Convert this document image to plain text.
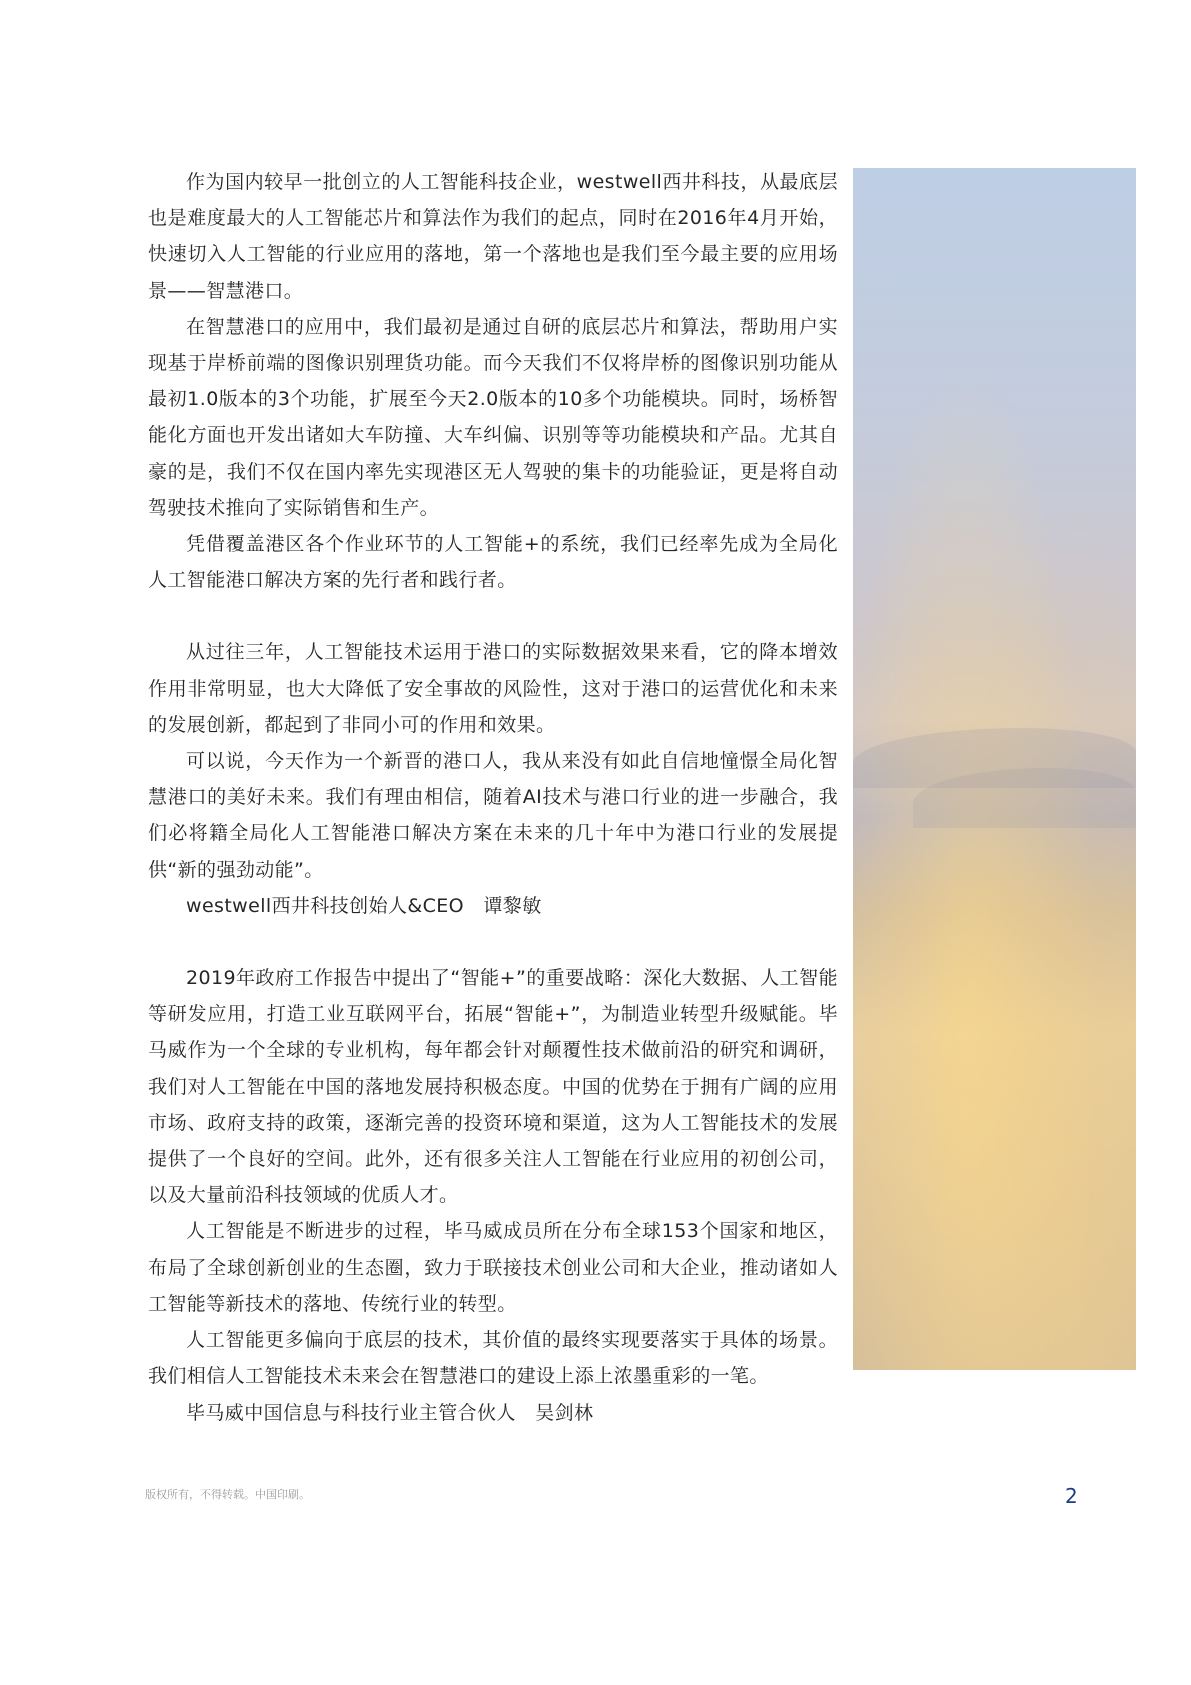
作为国内较早一批创立的人工智能科技企业，westwell西井科技，从最底层也是难度最大的人工智能芯片和算法作为我们的起点，同时在2016年4月开始，快速切入人工智能的行业应用的落地，第一个落地也是我们至今最主要的应用场景——智慧港口。

在智慧港口的应用中，我们最初是通过自研的底层芯片和算法，帮助用户实现基于岸桥前端的图像识别理货功能。而今天我们不仅将岸桥的图像识别功能从最初1.0版本的3个功能，扩展至今天2.0版本的10多个功能模块。同时，场桥智能化方面也开发出诸如大车防撞、大车纠偏、识别等等功能模块和产品。尤其自豪的是，我们不仅在国内率先实现港区无人驾驶的集卡的功能验证，更是将自动驾驶技术推向了实际销售和生产。

凭借覆盖港区各个作业环节的人工智能+的系统，我们已经率先成为全局化人工智能港口解决方案的先行者和践行者。

从过往三年，人工智能技术运用于港口的实际数据效果来看，它的降本增效作用非常明显，也大大降低了安全事故的风险性，这对于港口的运营优化和未来的发展创新，都起到了非同小可的作用和效果。

可以说，今天作为一个新晋的港口人，我从来没有如此自信地憧憬全局化智慧港口的美好未来。我们有理由相信，随着AI技术与港口行业的进一步融合，我们必将籍全局化人工智能港口解决方案在未来的几十年中为港口行业的发展提供“新的强劲动能”。

westwell西井科技创始人&CEO　谭黎敏

2019年政府工作报告中提出了“智能+”的重要战略：深化大数据、人工智能等研发应用，打造工业互联网平台，拓展“智能+”，为制造业转型升级赋能。毕马威作为一个全球的专业机构，每年都会针对颠覆性技术做前沿的研究和调研，我们对人工智能在中国的落地发展持积极态度。中国的优势在于拥有广阔的应用市场、政府支持的政策，逐渐完善的投资环境和渠道，这为人工智能技术的发展提供了一个良好的空间。此外，还有很多关注人工智能在行业应用的初创公司，以及大量前沿科技领域的优质人才。

人工智能是不断进步的过程，毕马威成员所在分布全球153个国家和地区，布局了全球创新创业的生态圈，致力于联接技术创业公司和大企业，推动诸如人工智能等新技术的落地、传统行业的转型。

人工智能更多偏向于底层的技术，其价值的最终实现要落实于具体的场景。我们相信人工智能技术未来会在智慧港口的建设上添上浓墨重彩的一笔。

毕马威中国信息与科技行业主管合伙人　吴剑林

版权所有，不得转载。中国印刷。	2
